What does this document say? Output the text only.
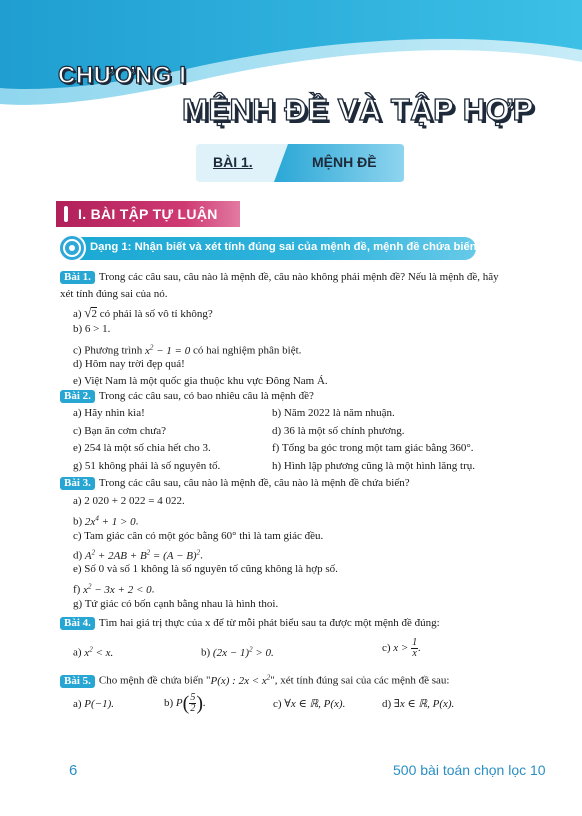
CHƯƠNG I
MỆNH ĐỀ VÀ TẬP HỢP
BÀI 1.	MỆNH ĐỀ
I. BÀI TẬP TỰ LUẬN
Dạng 1: Nhận biết và xét tính đúng sai của mệnh đề, mệnh đề chứa biến
Bài 1. Trong các câu sau, câu nào là mệnh đề, câu nào không phải mệnh đề? Nếu là mệnh đề, hãy
xét tính đúng sai của nó.
a) √2 có phải là số vô tỉ không?
b) 6 > 1.
c) Phương trình $x^2 - 1 = 0$ có hai nghiệm phân biệt.
d) Hôm nay trời đẹp quá!
e) Việt Nam là một quốc gia thuộc khu vực Đông Nam Á.
Bài 2. Trong các câu sau, có bao nhiêu câu là mệnh đề?
a) Hãy nhìn kìa!	b) Năm 2022 là năm nhuận.
c) Bạn ăn cơm chưa?	d) 36 là một số chính phương.
e) 254 là một số chia hết cho 3.	f) Tổng ba góc trong một tam giác bằng 360°.
g) 51 không phải là số nguyên tố.	h) Hình lập phương cũng là một hình lăng trụ.
Bài 3. Trong các câu sau, câu nào là mệnh đề, câu nào là mệnh đề chứa biến?
a) 2 020 + 2 022 = 4 022.
b) $2x^4 + 1 > 0$.
c) Tam giác cân có một góc bằng 60° thì là tam giác đều.
d) $A^2 + 2AB + B^2 = (A - B)^2$.
e) Số 0 và số 1 không là số nguyên tố cũng không là hợp số.
f) $x^2 - 3x + 2 < 0$.
g) Tứ giác có bốn cạnh bằng nhau là hình thoi.
Bài 4. Tìm hai giá trị thực của x để từ mỗi phát biểu sau ta được một mệnh đề đúng:
a) $x^2 < x$.	b) $(2x - 1)^2 > 0$.	c) $x > \frac{1}{x}$ .
Bài 5. Cho mệnh đề chứa biến "P(x) : $2x < x^2$", xét tính đúng sai của các mệnh đề sau:
a) P(−1).	b) $P( \frac{5}{2}$ ).	c) ∀x ∈ ℝ, P(x).	d) ∃x ∈ ℝ, P(x).
6	500 bài toán chọn lọc 10
